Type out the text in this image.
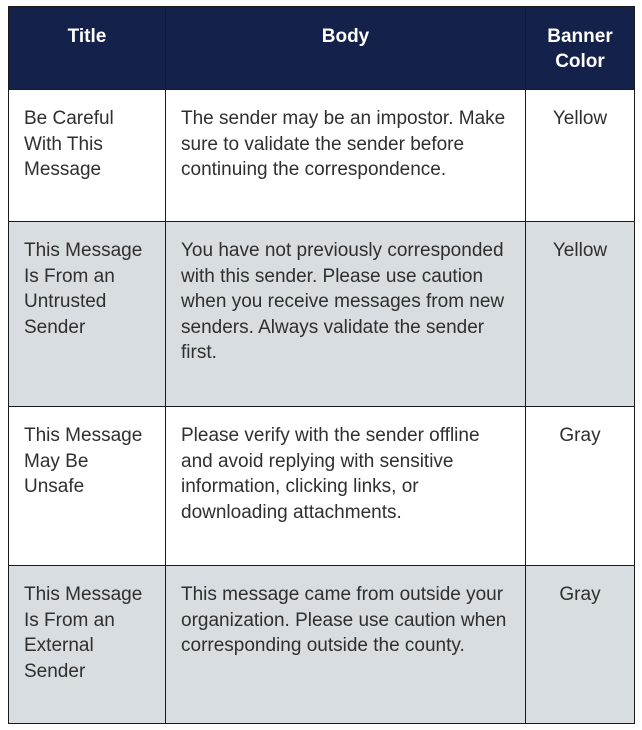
Title	Body	Banner Color
Be Careful With This Message	The sender may be an impostor. Make sure to validate the sender before continuing the correspondence.	Yellow
This Message Is From an Untrusted Sender	You have not previously corresponded with this sender. Please use caution when you receive messages from new senders. Always validate the sender first.	Yellow
This Message May Be Unsafe	Please verify with the sender offline and avoid replying with sensitive information, clicking links, or downloading attachments.	Gray
This Message Is From an External Sender	This message came from outside your organization. Please use caution when corresponding outside the county.	Gray
